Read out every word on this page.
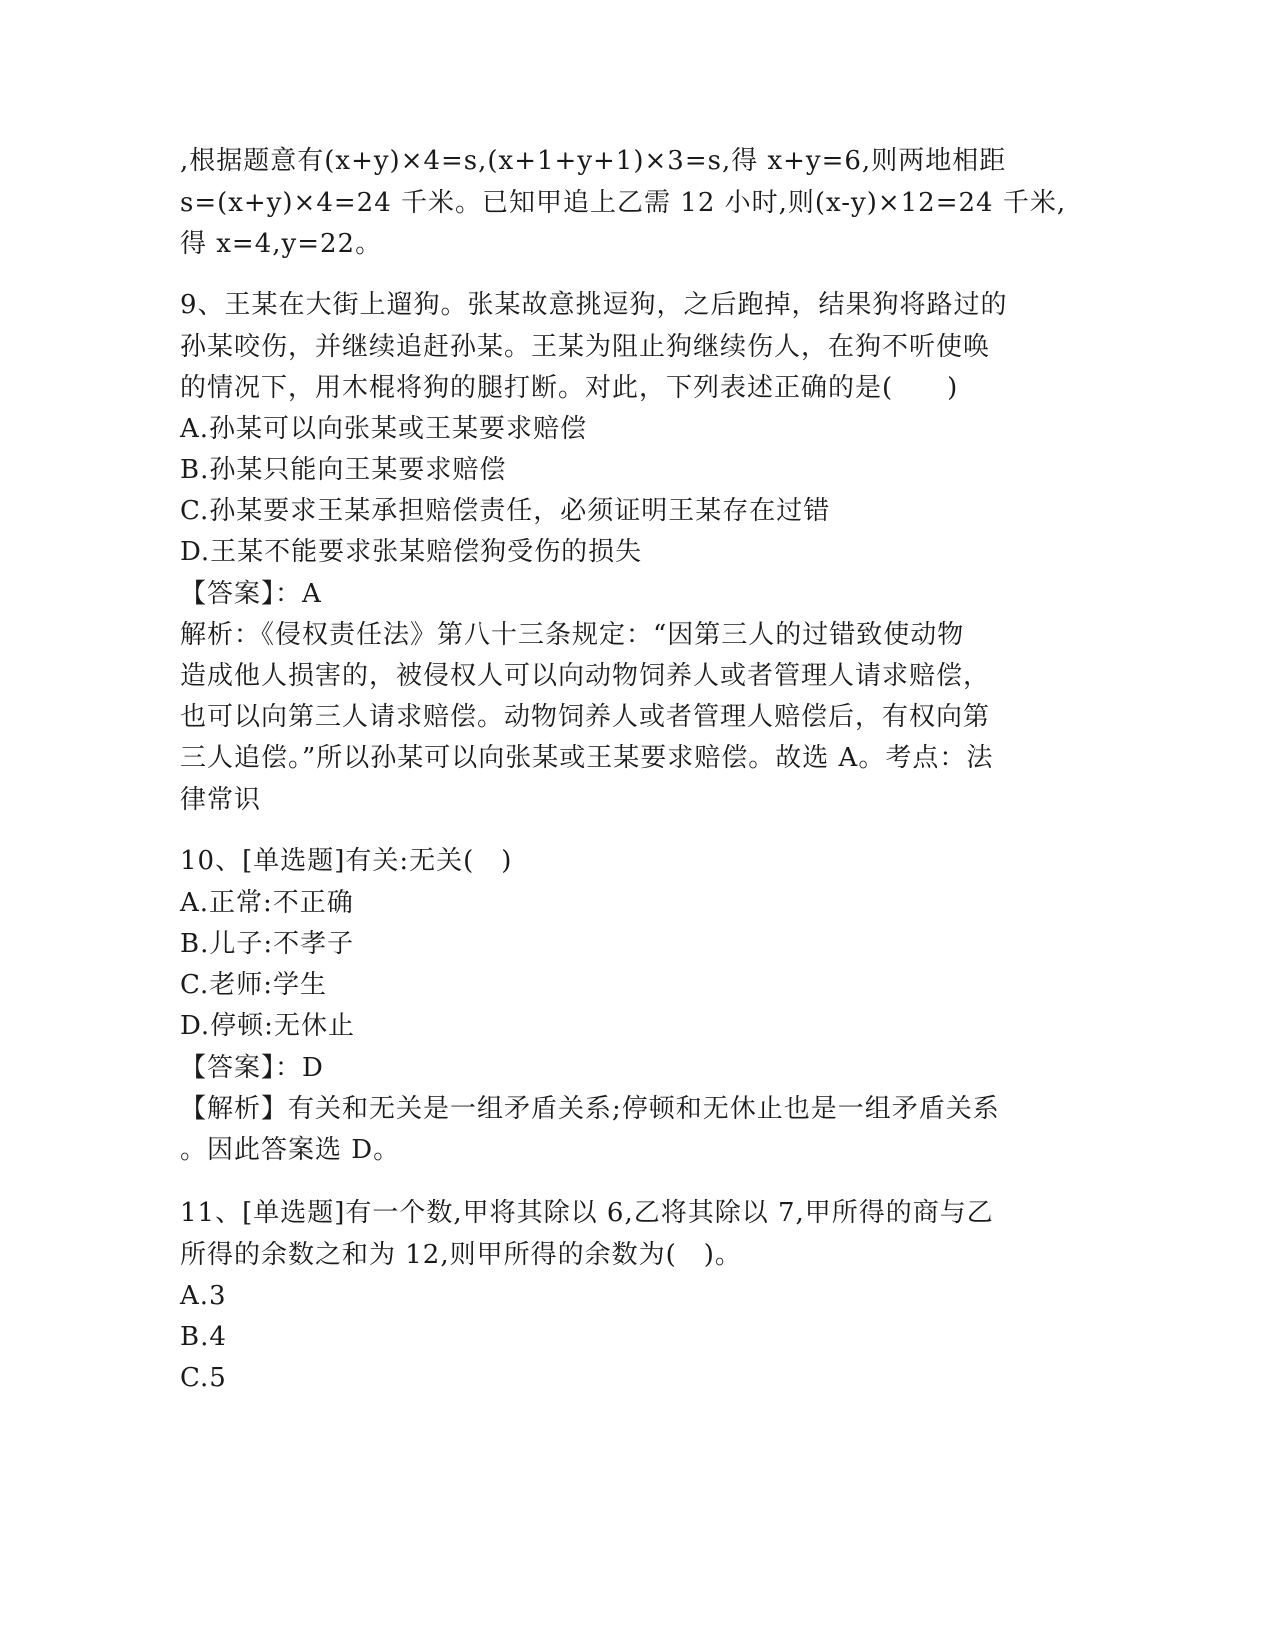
,根据题意有(x+y)×4=s,(x+1+y+1)×3=s,得 x+y=6,则两地相距
s=(x+y)×4=24 千米。已知甲追上乙需 12 小时,则(x-y)×12=24 千米,
得 x=4,y=22。
9、王某在大街上遛狗。张某故意挑逗狗，之后跑掉，结果狗将路过的
孙某咬伤，并继续追赶孙某。王某为阻止狗继续伤人，在狗不听使唤
的情况下，用木棍将狗的腿打断。对此，下列表述正确的是(　　)
A.孙某可以向张某或王某要求赔偿
B.孙某只能向王某要求赔偿
C.孙某要求王某承担赔偿责任，必须证明王某存在过错
D.王某不能要求张某赔偿狗受伤的损失
【答案】：A
解析：《侵权责任法》第八十三条规定：“因第三人的过错致使动物
造成他人损害的，被侵权人可以向动物饲养人或者管理人请求赔偿，
也可以向第三人请求赔偿。动物饲养人或者管理人赔偿后，有权向第
三人追偿。”所以孙某可以向张某或王某要求赔偿。故选 A。考点：法
律常识
10、[单选题]有关:无关(　)
A.正常:不正确
B.儿子:不孝子
C.老师:学生
D.停顿:无休止
【答案】：D
【解析】有关和无关是一组矛盾关系;停顿和无休止也是一组矛盾关系
。因此答案选 D。
11、[单选题]有一个数,甲将其除以 6,乙将其除以 7,甲所得的商与乙
所得的余数之和为 12,则甲所得的余数为(　)。
A.3
B.4
C.5
